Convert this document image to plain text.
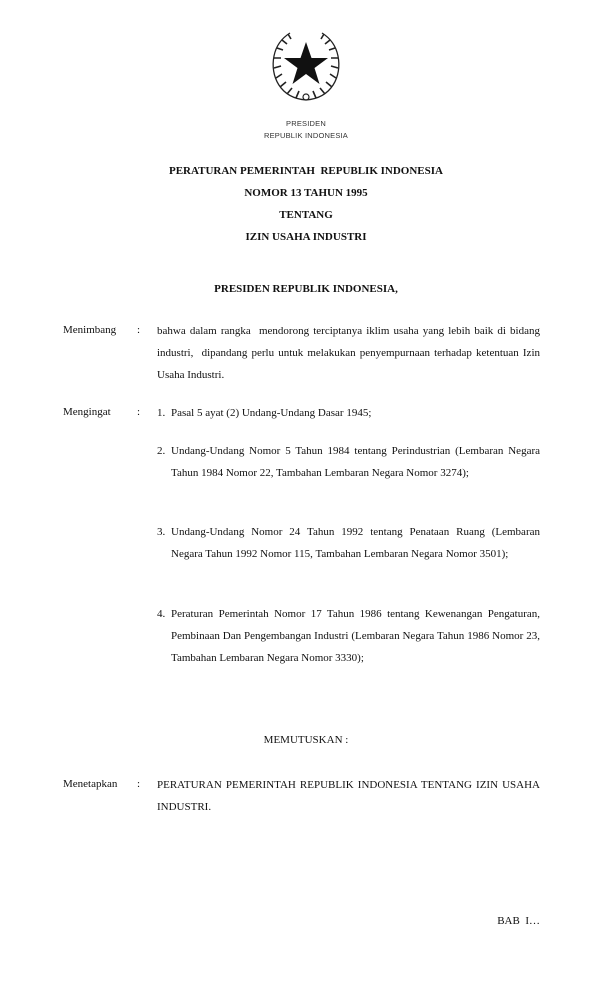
PRESIDEN
REPUBLIK INDONESIA
PERATURAN PEMERINTAH  REPUBLIK INDONESIA
NOMOR 13 TAHUN 1995
TENTANG
IZIN USAHA INDUSTRI
PRESIDEN REPUBLIK INDONESIA,
Menimbang : bahwa dalam rangka  mendorong terciptanya iklim usaha yang lebih baik di bidang industri,  dipandang perlu untuk melakukan penyempurnaan terhadap ketentuan Izin Usaha Industri.
Mengingat : 1. Pasal 5 ayat (2) Undang-Undang Dasar 1945;
2. Undang-Undang Nomor 5 Tahun 1984 tentang Perindustrian (Lembaran Negara Tahun 1984 Nomor 22, Tambahan Lembaran Negara Nomor 3274);
3. Undang-Undang Nomor 24 Tahun 1992 tentang Penataan Ruang (Lembaran Negara Tahun 1992 Nomor 115, Tambahan Lembaran Negara Nomor 3501);
4. Peraturan Pemerintah Nomor 17 Tahun 1986 tentang Kewenangan Pengaturan, Pembinaan Dan Pengembangan Industri (Lembaran Negara Tahun 1986 Nomor 23, Tambahan Lembaran Negara Nomor 3330);
MEMUTUSKAN :
Menetapkan : PERATURAN PEMERINTAH REPUBLIK INDONESIA TENTANG IZIN USAHA INDUSTRI.
BAB  I…
